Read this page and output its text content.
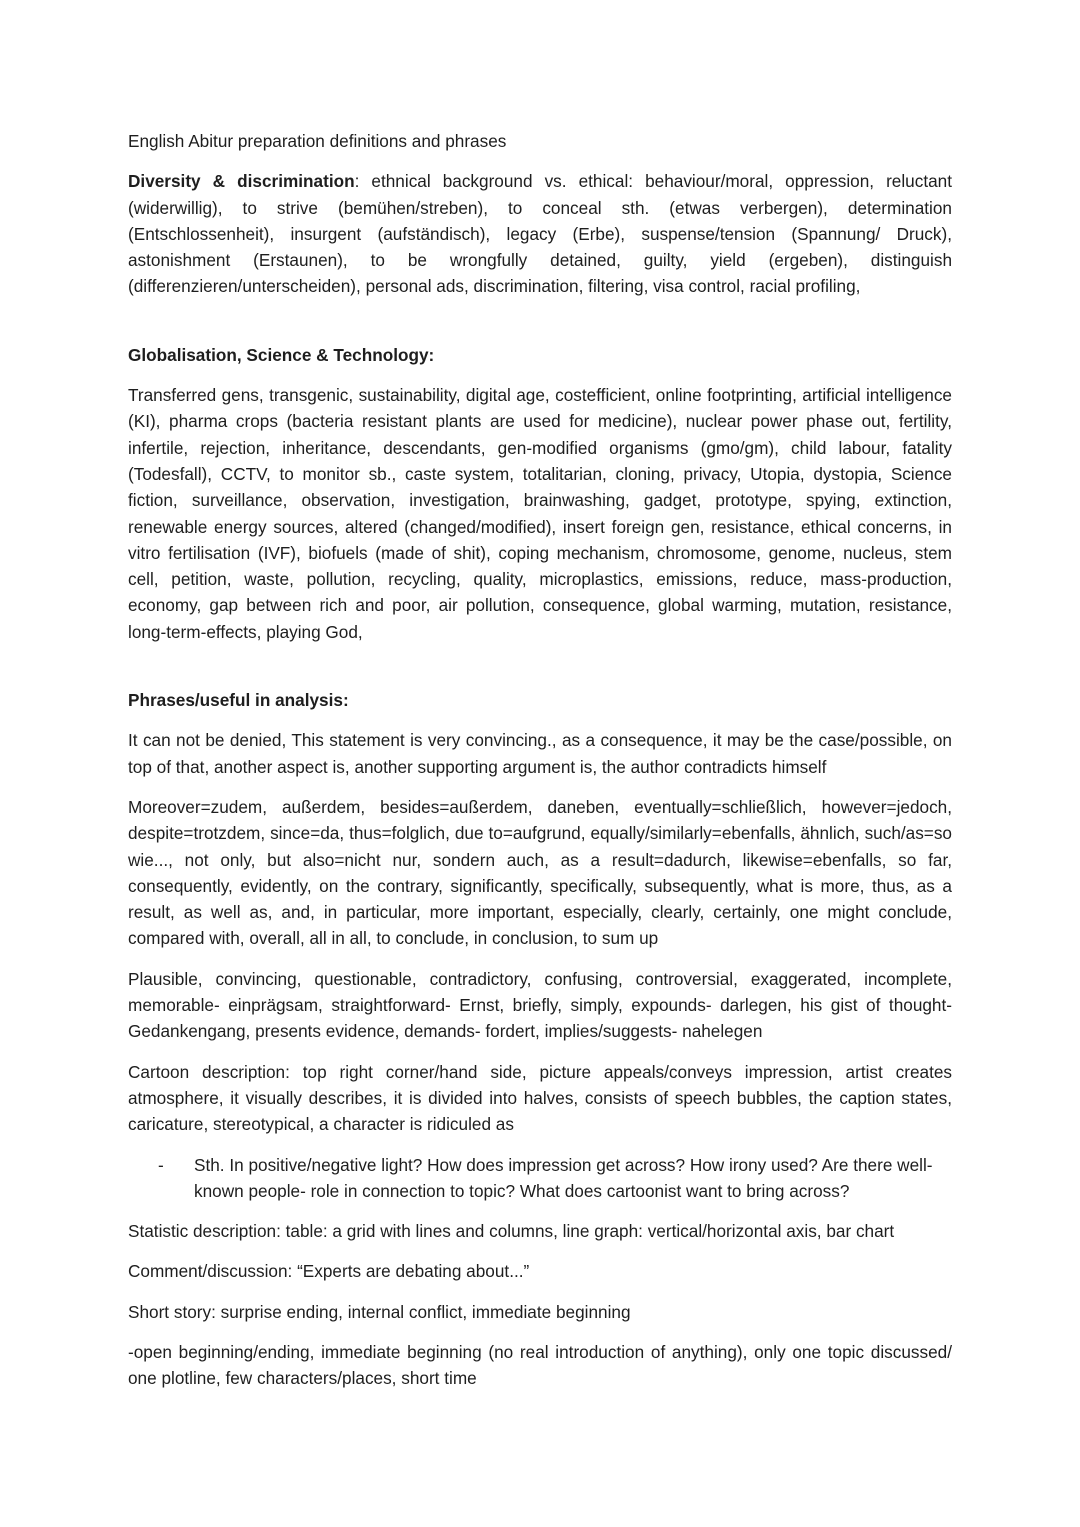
English Abitur preparation definitions and phrases

Diversity & discrimination: ethnical background vs. ethical: behaviour/moral, oppression, reluctant (widerwillig), to strive (bemühen/streben), to conceal sth. (etwas verbergen), determination (Entschlossenheit), insurgent (aufständisch), legacy (Erbe), suspense/tension (Spannung/ Druck), astonishment (Erstaunen), to be wrongfully detained, guilty, yield (ergeben), distinguish (differenzieren/unterscheiden), personal ads, discrimination, filtering, visa control, racial profiling,

Globalisation, Science & Technology:

Transferred gens, transgenic, sustainability, digital age, costefficient, online footprinting, artificial intelligence (KI), pharma crops (bacteria resistant plants are used for medicine), nuclear power phase out, fertility, infertile, rejection, inheritance, descendants, gen-modified organisms (gmo/gm), child labour, fatality (Todesfall), CCTV, to monitor sb., caste system, totalitarian, cloning, privacy, Utopia, dystopia, Science fiction, surveillance, observation, investigation, brainwashing, gadget, prototype, spying, extinction, renewable energy sources, altered (changed/modified), insert foreign gen, resistance, ethical concerns, in vitro fertilisation (IVF), biofuels (made of shit), coping mechanism, chromosome, genome, nucleus, stem cell, petition, waste, pollution, recycling, quality, microplastics, emissions, reduce, mass-production, economy, gap between rich and poor, air pollution, consequence, global warming, mutation, resistance, long-term-effects, playing God,

Phrases/useful in analysis:

It can not be denied, This statement is very convincing., as a consequence, it may be the case/possible, on top of that, another aspect is, another supporting argument is, the author contradicts himself

Moreover=zudem, außerdem, besides=außerdem, daneben, eventually=schließlich, however=jedoch, despite=trotzdem, since=da, thus=folglich, due to=aufgrund, equally/similarly=ebenfalls, ähnlich, such/as=so wie..., not only, but also=nicht nur, sondern auch, as a result=dadurch, likewise=ebenfalls, so far, consequently, evidently, on the contrary, significantly, specifically, subsequently, what is more, thus, as a result, as well as, and, in particular, more important, especially, clearly, certainly, one might conclude, compared with, overall, all in all, to conclude, in conclusion, to sum up

Plausible, convincing, questionable, contradictory, confusing, controversial, exaggerated, incomplete, memorable- einprägsam, straightforward- Ernst, briefly, simply, expounds- darlegen, his gist of thought- Gedankengang, presents evidence, demands- fordert, implies/suggests- nahelegen

Cartoon description: top right corner/hand side, picture appeals/conveys impression, artist creates atmosphere, it visually describes, it is divided into halves, consists of speech bubbles, the caption states, caricature, stereotypical, a character is ridiculed as

-	Sth. In positive/negative light? How does impression get across? How irony used? Are there well-known people- role in connection to topic? What does cartoonist want to bring across?

Statistic description: table: a grid with lines and columns, line graph: vertical/horizontal axis, bar chart

Comment/discussion: “Experts are debating about...”

Short story: surprise ending, internal conflict, immediate beginning

-open beginning/ending, immediate beginning (no real introduction of anything), only one topic discussed/ one plotline, few characters/places, short time
